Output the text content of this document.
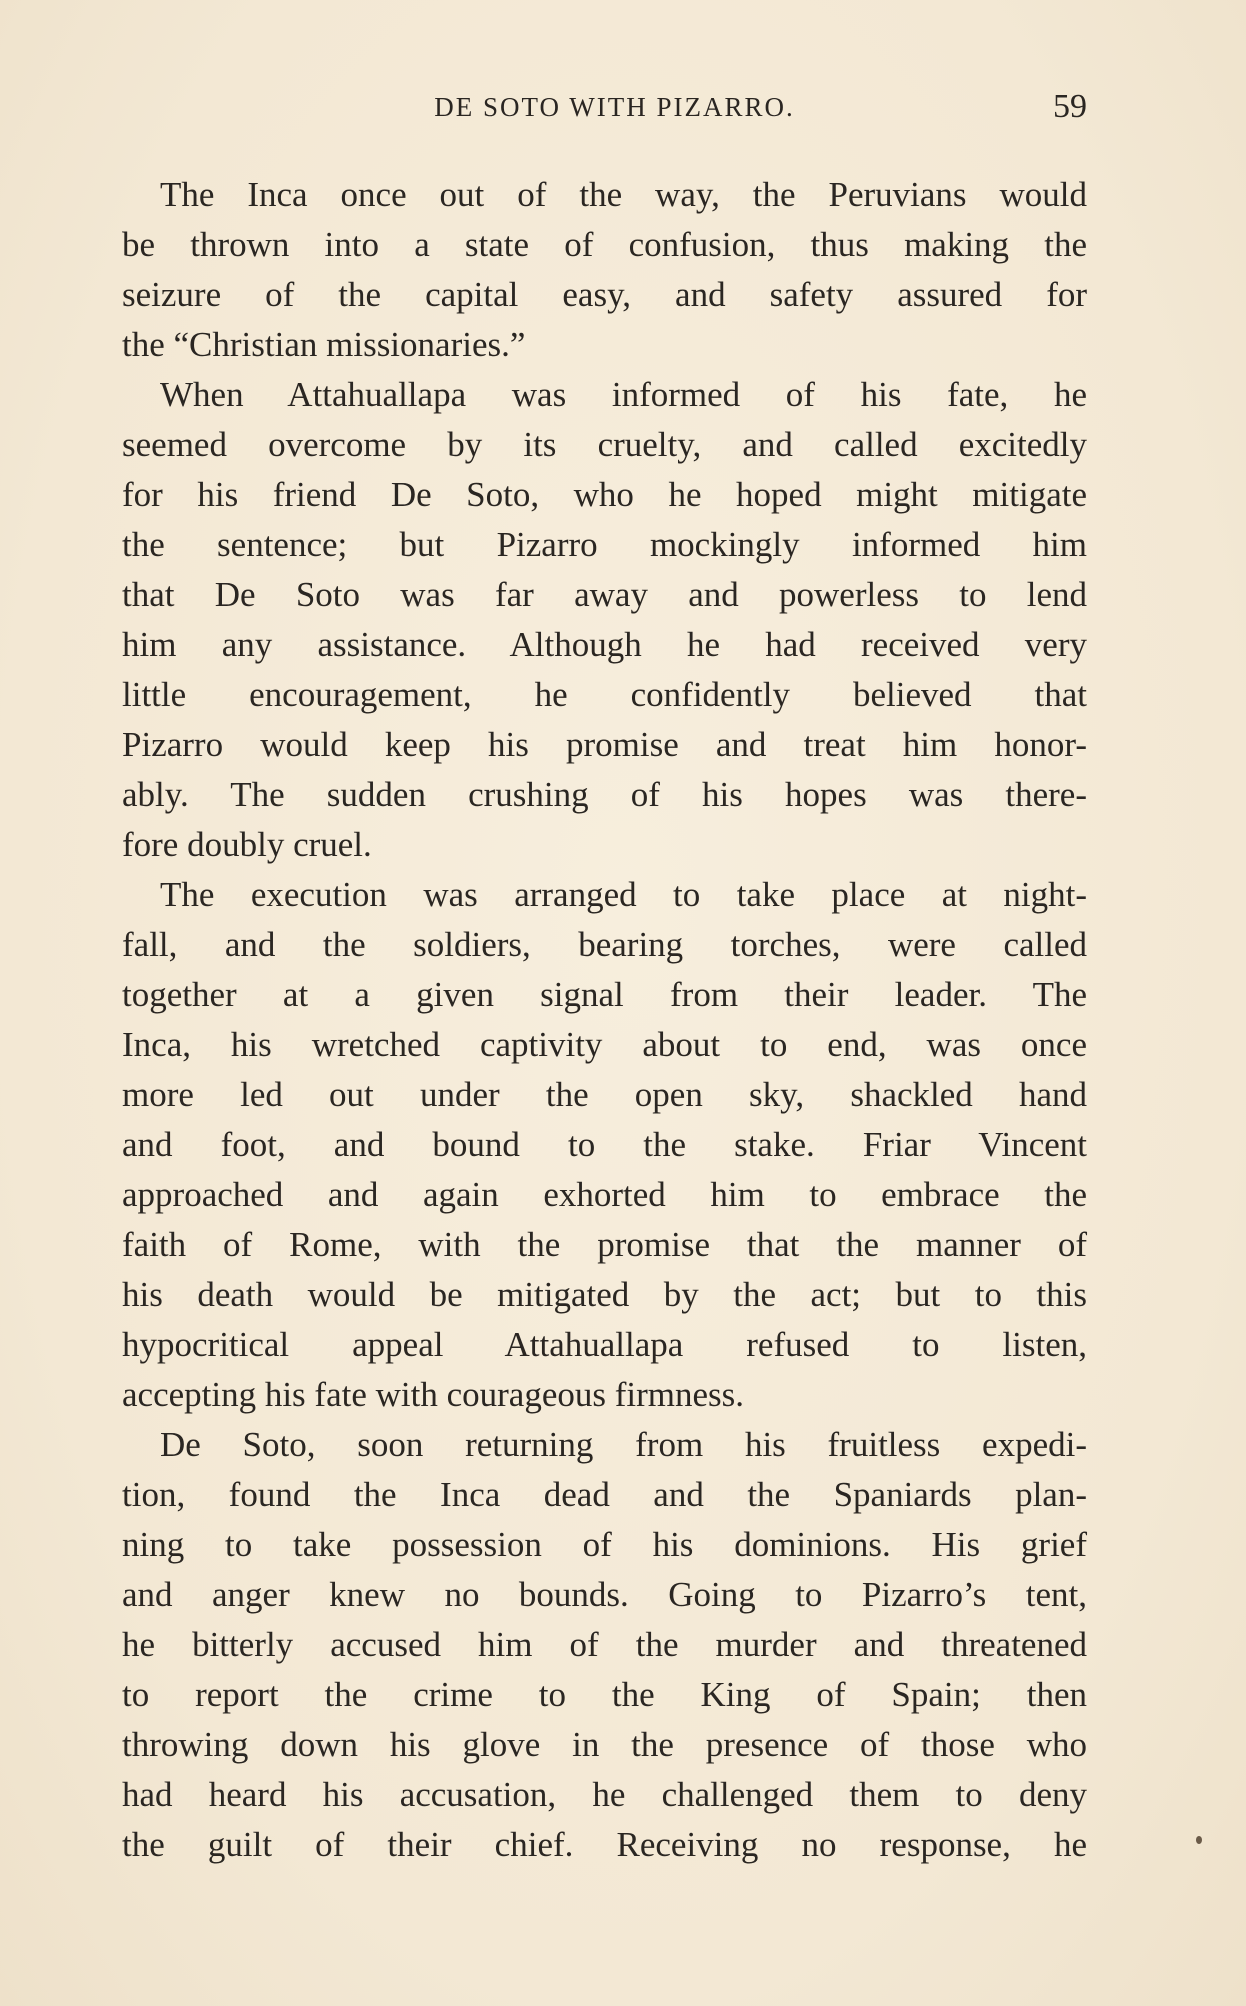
DE SOTO WITH PIZARRO.	59
The Inca once out of the way, the Peruvians would
be thrown into a state of confusion, thus making the
seizure of the capital easy, and safety assured for
the “Christian missionaries.”
When Attahuallapa was informed of his fate, he
seemed overcome by its cruelty, and called excitedly
for his friend De Soto, who he hoped might mitigate
the sentence; but Pizarro mockingly informed him
that De Soto was far away and powerless to lend
him any assistance. Although he had received very
little encouragement, he confidently believed that
Pizarro would keep his promise and treat him honor-
ably. The sudden crushing of his hopes was there-
fore doubly cruel.
The execution was arranged to take place at night-
fall, and the soldiers, bearing torches, were called
together at a given signal from their leader. The
Inca, his wretched captivity about to end, was once
more led out under the open sky, shackled hand
and foot, and bound to the stake. Friar Vincent
approached and again exhorted him to embrace the
faith of Rome, with the promise that the manner of
his death would be mitigated by the act; but to this
hypocritical appeal Attahuallapa refused to listen,
accepting his fate with courageous firmness.
De Soto, soon returning from his fruitless expedi-
tion, found the Inca dead and the Spaniards plan-
ning to take possession of his dominions. His grief
and anger knew no bounds. Going to Pizarro’s tent,
he bitterly accused him of the murder and threatened
to report the crime to the King of Spain; then
throwing down his glove in the presence of those who
had heard his accusation, he challenged them to deny
the guilt of their chief. Receiving no response, he
